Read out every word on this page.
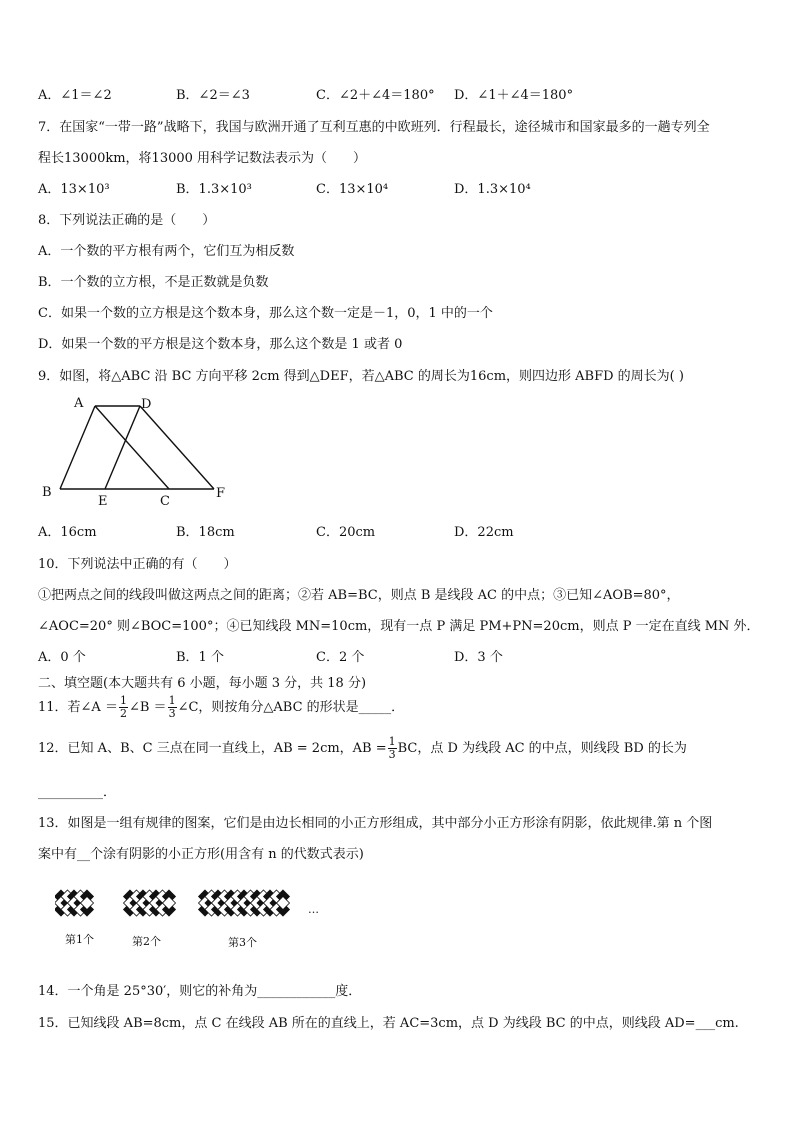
A．∠1＝∠2	B．∠2＝∠3	C．∠2＋∠4＝180° D．∠1＋∠4＝180°
7．在国家“一带一路”战略下，我国与欧洲开通了互利互惠的中欧班列．行程最长，途径城市和国家最多的一趟专列全
程长13000km，将13000 用科学记数法表示为（　　）
A．13×10³	B．1.3×10³	C．13×10⁴	D．1.3×10⁴
8．下列说法正确的是（　　）
A．一个数的平方根有两个，它们互为相反数
B．一个数的立方根，不是正数就是负数
C．如果一个数的立方根是这个数本身，那么这个数一定是－1，0，1 中的一个
D．如果一个数的平方根是这个数本身，那么这个数是 1 或者 0
9．如图，将△ABC 沿 BC 方向平移 2cm 得到△DEF，若△ABC 的周长为16cm，则四边形 ABFD 的周长为( )
A	D
B
E	C
F
A．16cm	B．18cm	C．20cm	D．22cm
10．下列说法中正确的有（　　）
①把两点之间的线段叫做这两点之间的距离；②若 AB=BC，则点 B 是线段 AC 的中点；③已知∠AOB=80°，
∠AOC=20° 则∠BOC=100°；④已知线段 MN=10cm，现有一点 P 满足 PM+PN=20cm，则点 P 一定在直线 MN 外．
A．0 个	B．1 个	C．2 个	D．3 个
二、填空题(本大题共有 6 小题，每小题 3 分，共 18 分)
11．若∠A ＝ $\frac{1}{2}$ ∠B ＝ $\frac{1}{3}$ ∠C，则按角分△ABC 的形状是_____．
12．已知 A、B、C 三点在同一直线上，AB = 2cm，AB = $\frac{1}{3}$ BC，点 D 为线段 AC 的中点，则线段 BD 的长为
__________．
13．如图是一组有规律的图案，它们是由边长相同的小正方形组成，其中部分小正方形涂有阴影，依此规律.第 n 个图
案中有__个涂有阴影的小正方形(用含有 n 的代数式表示)
第1个	第2个	第3个
…
14．一个角是 25°30′，则它的补角为____________度．
15．已知线段 AB=8cm，点 C 在线段 AB 所在的直线上，若 AC=3cm，点 D 为线段 BC 的中点，则线段 AD=___cm.
